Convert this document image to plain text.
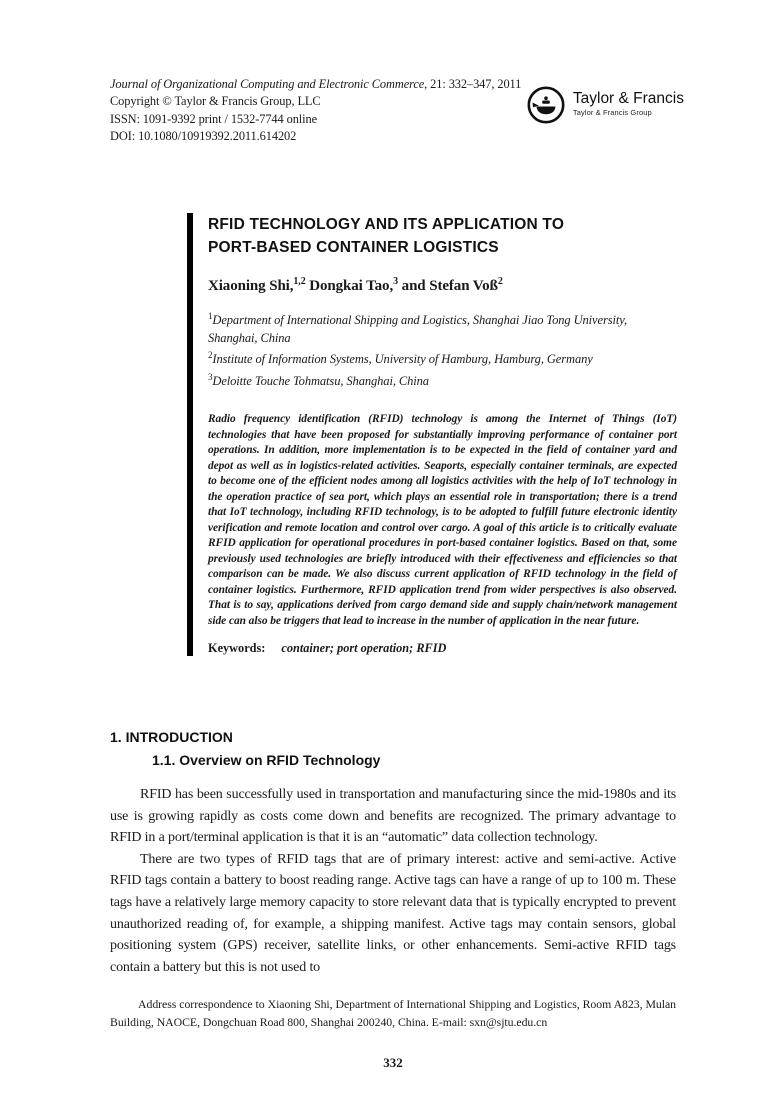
Journal of Organizational Computing and Electronic Commerce, 21: 332–347, 2011
Copyright © Taylor & Francis Group, LLC
ISSN: 1091-9392 print / 1532-7744 online
DOI: 10.1080/10919392.2011.614202
Taylor & Francis
Taylor & Francis Group
RFID TECHNOLOGY AND ITS APPLICATION TO
PORT-BASED CONTAINER LOGISTICS
Xiaoning Shi,$^{1,2}$ Dongkai Tao,$^3$ and Stefan Voß$^2$
$^1$Department of International Shipping and Logistics, Shanghai Jiao Tong University, Shanghai, China
$^2$Institute of Information Systems, University of Hamburg, Hamburg, Germany
$^3$Deloitte Touche Tohmatsu, Shanghai, China

Radio frequency identification (RFID) technology is among the Internet of Things (IoT) technologies that have been proposed for substantially improving performance of container port operations. In addition, more implementation is to be expected in the field of container yard and depot as well as in logistics-related activities. Seaports, especially container terminals, are expected to become one of the efficient nodes among all logistics activities with the help of IoT technology in the operation practice of sea port, which plays an essential role in transportation; there is a trend that IoT technology, including RFID technology, is to be adopted to fulfill future electronic identity verification and remote location and control over cargo. A goal of this article is to critically evaluate RFID application for operational procedures in port-based container logistics. Based on that, some previously used technologies are briefly introduced with their effectiveness and efficiencies so that comparison can be made. We also discuss current application of RFID technology in the field of container logistics. Furthermore, RFID application trend from wider perspectives is also observed. That is to say, applications derived from cargo demand side and supply chain/network management side can also be triggers that lead to increase in the number of application in the near future.

Keywords: container; port operation; RFID
1. INTRODUCTION
1.1. Overview on RFID Technology

RFID has been successfully used in transportation and manufacturing since the mid-1980s and its use is growing rapidly as costs come down and benefits are recognized. The primary advantage to RFID in a port/terminal application is that it is an “automatic” data collection technology.

There are two types of RFID tags that are of primary interest: active and semi-active. Active RFID tags contain a battery to boost reading range. Active tags can have a range of up to 100 m. These tags have a relatively large memory capacity to store relevant data that is typically encrypted to prevent unauthorized reading of, for example, a shipping manifest. Active tags may contain sensors, global positioning system (GPS) receiver, satellite links, or other enhancements. Semi-active RFID tags contain a battery but this is not used to

Address correspondence to Xiaoning Shi, Department of International Shipping and Logistics, Room A823, Mulan Building, NAOCE, Dongchuan Road 800, Shanghai 200240, China. E-mail: sxn@sjtu.edu.cn

332
